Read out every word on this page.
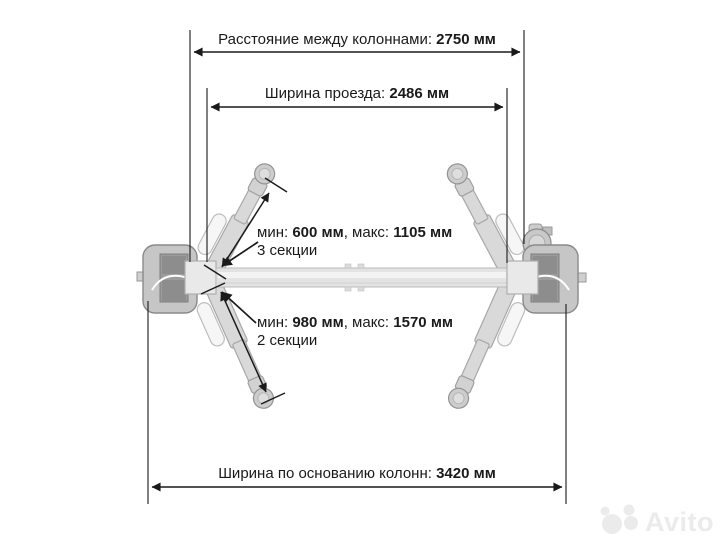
Расстояние между колоннами: 2750 мм
Ширина проезда: 2486 мм
Ширина по основанию колонн: 3420 мм
мин: 600 мм, макс: 1105 мм
3 секции
мин: 980 мм, макс: 1570 мм
2 секции
Avito
